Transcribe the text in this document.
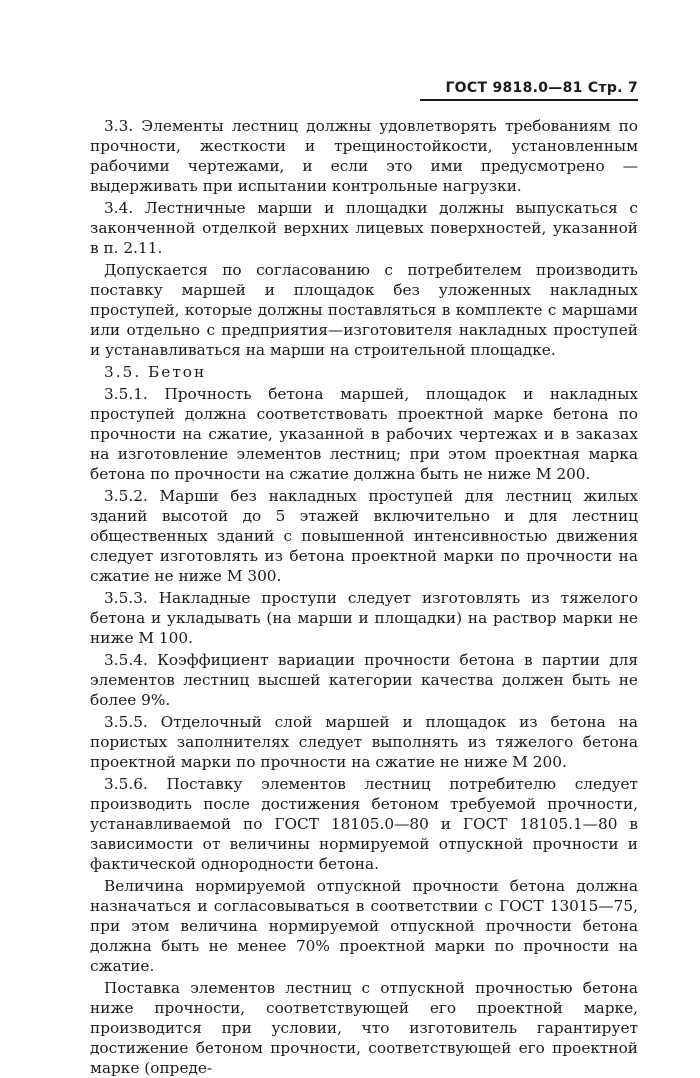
ГОСТ 9818.0—81 Стр. 7

3.3. Элементы лестниц должны удовлетворять требованиям по прочности, жесткости и трещиностойкости, установленным рабочими чертежами, и если это ими предусмотрено — выдерживать при испытании контрольные нагрузки.

3.4. Лестничные марши и площадки должны выпускаться с законченной отделкой верхних лицевых поверхностей, указанной в п. 2.11.

Допускается по согласованию с потребителем производить поставку маршей и площадок без уложенных накладных проступей, которые должны поставляться в комплекте с маршами или отдельно с предприятия—изготовителя накладных проступей и устанавливаться на марши на строительной площадке.

3.5. Бетон

3.5.1. Прочность бетона маршей, площадок и накладных проступей должна соответствовать проектной марке бетона по прочности на сжатие, указанной в рабочих чертежах и в заказах на изготовление элементов лестниц; при этом проектная марка бетона по прочности на сжатие должна быть не ниже М 200.

3.5.2. Марши без накладных проступей для лестниц жилых зданий высотой до 5 этажей включительно и для лестниц общественных зданий с повышенной интенсивностью движения следует изготовлять из бетона проектной марки по прочности на сжатие не ниже М 300.

3.5.3. Накладные проступи следует изготовлять из тяжелого бетона и укладывать (на марши и площадки) на раствор марки не ниже М 100.

3.5.4. Коэффициент вариации прочности бетона в партии для элементов лестниц высшей категории качества должен быть не более 9%.

3.5.5. Отделочный слой маршей и площадок из бетона на пористых заполнителях следует выполнять из тяжелого бетона проектной марки по прочности на сжатие не ниже М 200.

3.5.6. Поставку элементов лестниц потребителю следует производить после достижения бетоном требуемой прочности, устанавливаемой по ГОСТ 18105.0—80 и ГОСТ 18105.1—80 в зависимости от величины нормируемой отпускной прочности и фактической однородности бетона.

Величина нормируемой отпускной прочности бетона должна назначаться и согласовываться в соответствии с ГОСТ 13015—75, при этом величина нормируемой отпускной прочности бетона должна быть не менее 70% проектной марки по прочности на сжатие.

Поставка элементов лестниц с отпускной прочностью бетона ниже прочности, соответствующей его проектной марке, производится при условии, что изготовитель гарантирует достижение бетоном прочности, соответствующей его проектной марке (опреде-
